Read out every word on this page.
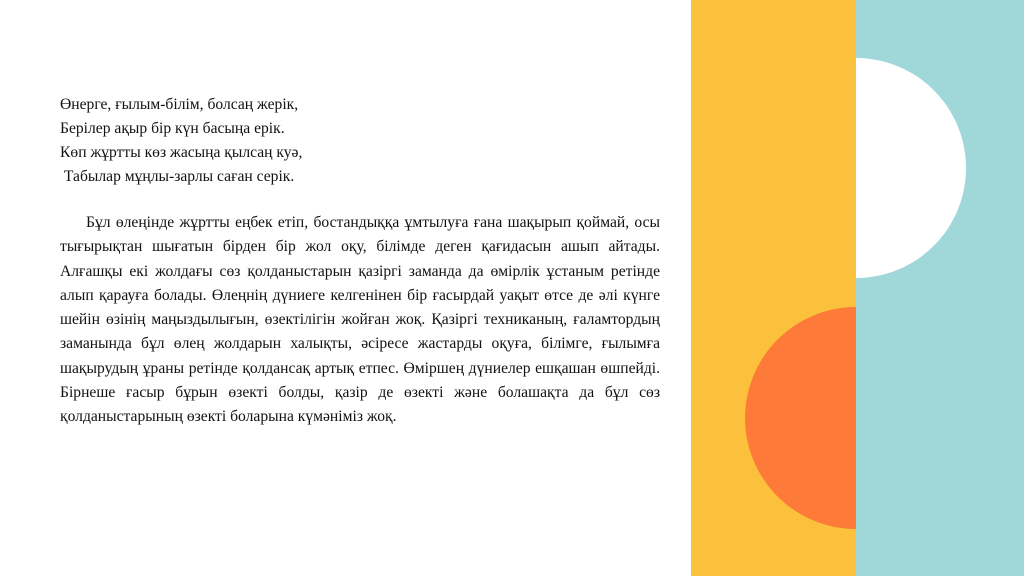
Өнерге, ғылым-білім, болсаң жерік,

Берілер ақыр бір күн басыңа ерік.

Көп жұртты көз жасыңа қылсаң куә,

Табылар мұңлы-зарлы саған серік.

Бұл өлеңінде жұртты еңбек етіп, бостандыққа ұмтылуға ғана шақырып қоймай, осы тығырықтан шығатын бірден бір жол оқу, білімде деген қағидасын ашып айтады. Алғашқы екі жолдағы сөз қолданыстарын қазіргі заманда да өмірлік ұстаным ретінде алып қарауға болады. Өлеңнің дүниеге келгенінен бір ғасырдай уақыт өтсе де әлі күнге шейін өзінің маңыздылығын, өзектілігін жойған жоқ. Қазіргі техниканың, ғаламтордың заманында бұл өлең жолдарын халықты, әсіресе жастарды оқуға, білімге, ғылымға шақырудың ұраны ретінде қолдансақ артық етпес. Өміршең дүниелер ешқашан өшпейді. Бірнеше ғасыр бұрын өзекті болды, қазір де өзекті және болашақта да бұл сөз қолданыстарының өзекті боларына күмәніміз жоқ.
